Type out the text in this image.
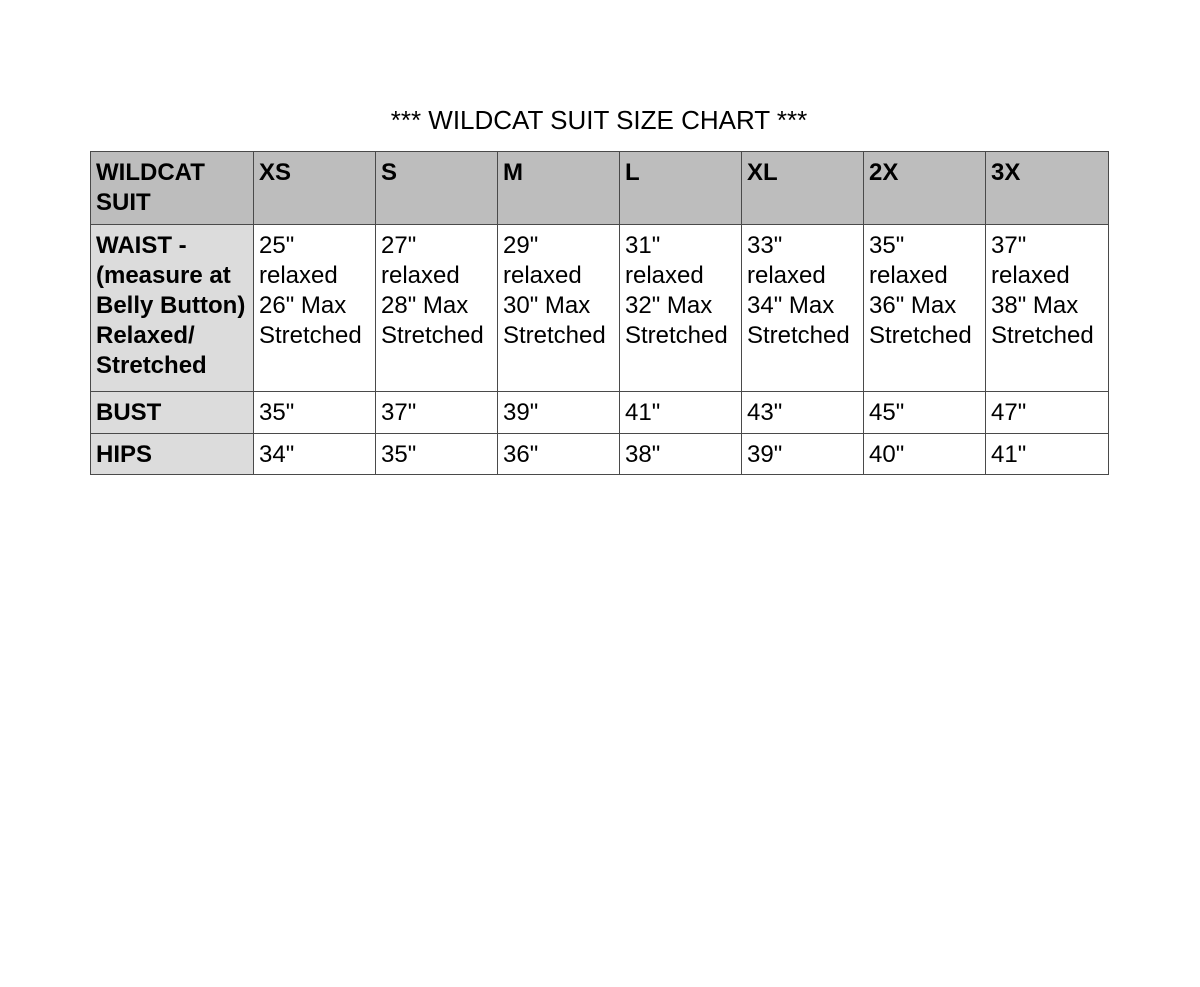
*** WILDCAT SUIT SIZE CHART ***
WILDCAT SUIT	XS	S	M	L	XL	2X	3X

WAIST - (measure at Belly Button) Relaxed/ Stretched	25" relaxed 26" Max Stretched	27" relaxed 28" Max Stretched	29" relaxed 30" Max Stretched	31" relaxed 32" Max Stretched	33" relaxed 34" Max Stretched	35" relaxed 36" Max Stretched	37" relaxed 38" Max Stretched

BUST	35"	37"	39"	41"	43"	45"	47"

HIPS	34"	35"	36"	38"	39"	40"	41"
